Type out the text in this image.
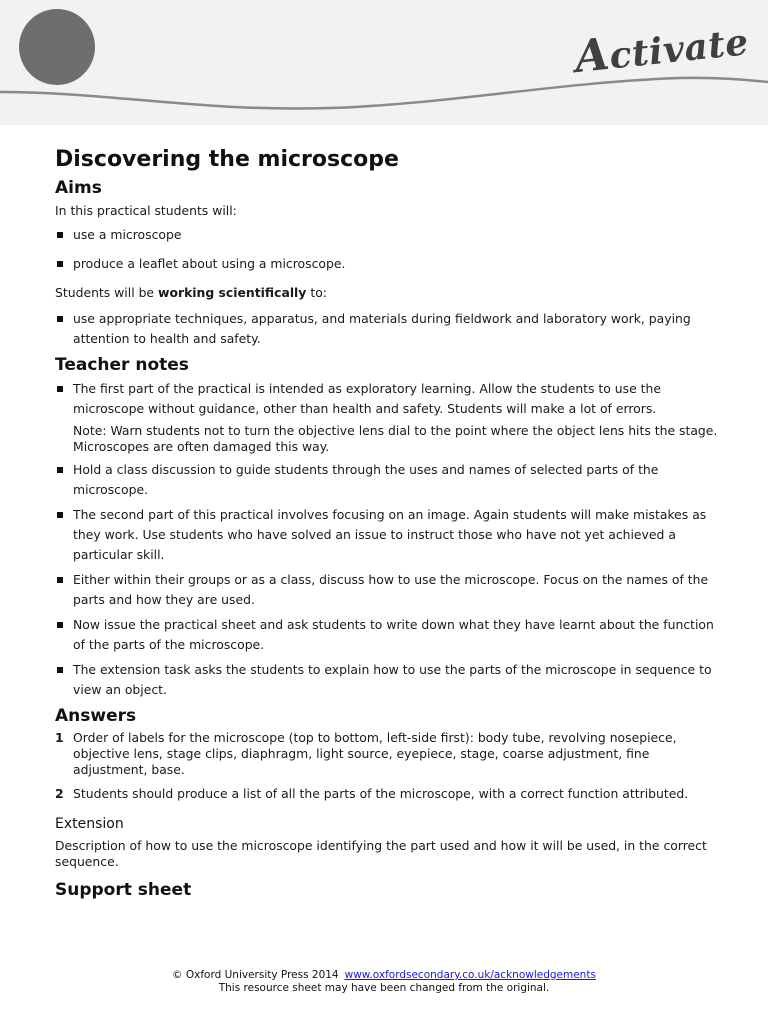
Activate
Discovering the microscope
Aims

In this practical students will:

use a microscope
produce a leaflet about using a microscope.

Students will be working scientifically to:

use appropriate techniques, apparatus, and materials during fieldwork and laboratory work, paying attention to health and safety.
Teacher notes
The first part of the practical is intended as exploratory learning. Allow the students to use the microscope without guidance, other than health and safety. Students will make a lot of errors.
Note: Warn students not to turn the objective lens dial to the point where the object lens hits the stage. Microscopes are often damaged this way.
Hold a class discussion to guide students through the uses and names of selected parts of the microscope.
The second part of this practical involves focusing on an image. Again students will make mistakes as they work. Use students who have solved an issue to instruct those who have not yet achieved a particular skill.
Either within their groups or as a class, discuss how to use the microscope. Focus on the names of the parts and how they are used.
Now issue the practical sheet and ask students to write down what they have learnt about the function of the parts of the microscope.
The extension task asks the students to explain how to use the parts of the microscope in sequence to view an object.
Answers
1 Order of labels for the microscope (top to bottom, left-side first): body tube, revolving nosepiece, objective lens, stage clips, diaphragm, light source, eyepiece, stage, coarse adjustment, fine adjustment, base.
2 Students should produce a list of all the parts of the microscope, with a correct function attributed.
Extension

Description of how to use the microscope identifying the part used and how it will be used, in the correct sequence.

Support sheet
© Oxford University Press 2014 www.oxfordsecondary.co.uk/acknowledgements
This resource sheet may have been changed from the original.
